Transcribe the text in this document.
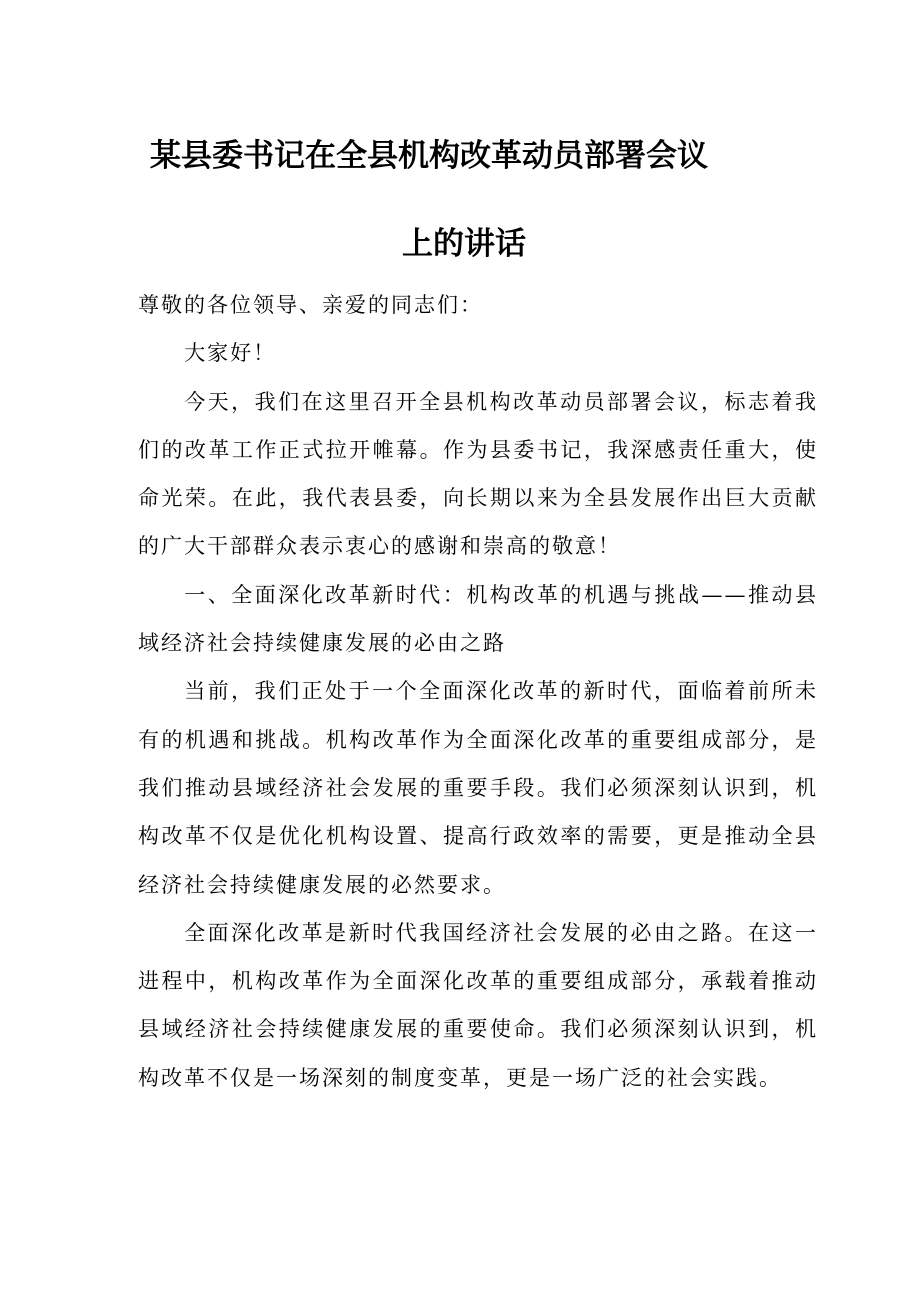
某县委书记在全县机构改革动员部署会议
上的讲话

尊敬的各位领导、亲爱的同志们：

大家好！

今天，我们在这里召开全县机构改革动员部署会议，标志着我们的改革工作正式拉开帷幕。作为县委书记，我深感责任重大，使命光荣。在此，我代表县委，向长期以来为全县发展作出巨大贡献的广大干部群众表示衷心的感谢和崇高的敬意！

一、全面深化改革新时代：机构改革的机遇与挑战——推动县域经济社会持续健康发展的必由之路

当前，我们正处于一个全面深化改革的新时代，面临着前所未有的机遇和挑战。机构改革作为全面深化改革的重要组成部分，是我们推动县域经济社会发展的重要手段。我们必须深刻认识到，机构改革不仅是优化机构设置、提高行政效率的需要，更是推动全县经济社会持续健康发展的必然要求。

全面深化改革是新时代我国经济社会发展的必由之路。在这一进程中，机构改革作为全面深化改革的重要组成部分，承载着推动县域经济社会持续健康发展的重要使命。我们必须深刻认识到，机构改革不仅是一场深刻的制度变革，更是一场广泛的社会实践。
